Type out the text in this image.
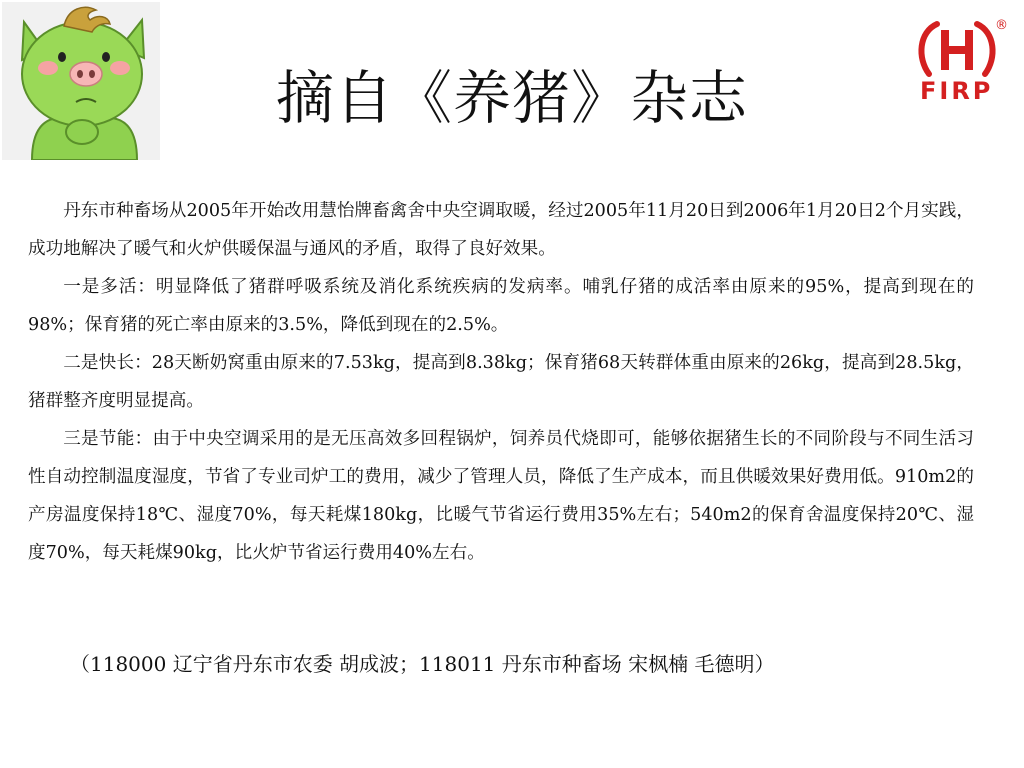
摘自《养猪》杂志	FIRP
®

丹东市种畜场从2005年开始改用慧怡牌畜禽舍中央空调取暖，经过2005年11月20日到2006年1月20日2个月实践，成功地解决了暖气和火炉供暖保温与通风的矛盾，取得了良好效果。

一是多活：明显降低了猪群呼吸系统及消化系统疾病的发病率。哺乳仔猪的成活率由原来的95%，提高到现在的98%；保育猪的死亡率由原来的3.5%，降低到现在的2.5%。

二是快长：28天断奶窝重由原来的7.53kg，提高到8.38kg；保育猪68天转群体重由原来的26kg，提高到28.5kg，猪群整齐度明显提高。

三是节能：由于中央空调采用的是无压高效多回程锅炉，饲养员代烧即可，能够依据猪生长的不同阶段与不同生活习性自动控制温度湿度，节省了专业司炉工的费用，减少了管理人员，降低了生产成本，而且供暖效果好费用低。910m2的产房温度保持18℃、湿度70%，每天耗煤180kg，比暖气节省运行费用35%左右；540m2的保育舍温度保持20℃、湿度70%，每天耗煤90kg，比火炉节省运行费用40%左右。

（118000 辽宁省丹东市农委 胡成波；118011 丹东市种畜场 宋枫楠 毛德明）
